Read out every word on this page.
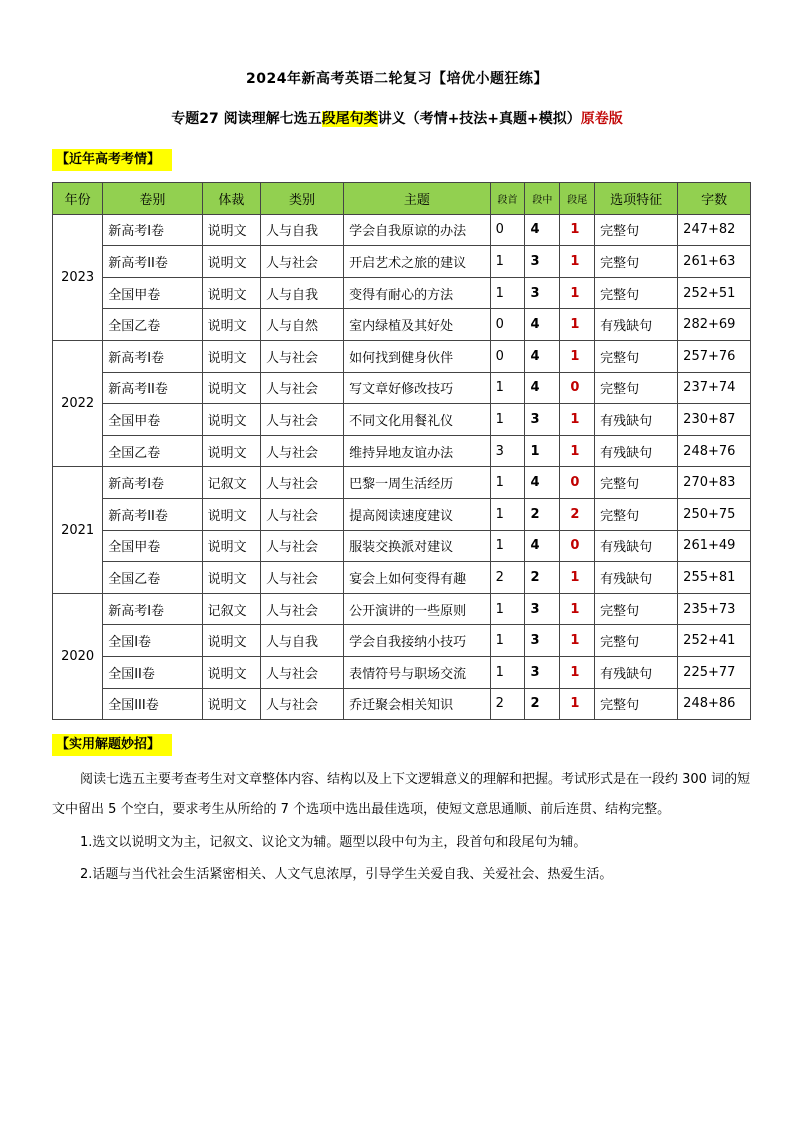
2024年新高考英语二轮复习【培优小题狂练】
专题27 阅读理解七选五段尾句类讲义（考情+技法+真题+模拟）原卷版
【近年高考考情】
年份	卷别	体裁	类别	主题	段首	段中	段尾	选项特征	字数
2023	新高考I卷	说明文	人与自我	学会自我原谅的办法	0	4	1	完整句	247+82
	新高考II卷	说明文	人与社会	开启艺术之旅的建议	1	3	1	完整句	261+63
	全国甲卷	说明文	人与自我	变得有耐心的方法	1	3	1	完整句	252+51
	全国乙卷	说明文	人与自然	室内绿植及其好处	0	4	1	有残缺句	282+69
2022	新高考I卷	说明文	人与社会	如何找到健身伙伴	0	4	1	完整句	257+76
	新高考II卷	说明文	人与社会	写文章好修改技巧	1	4	0	完整句	237+74
	全国甲卷	说明文	人与社会	不同文化用餐礼仪	1	3	1	有残缺句	230+87
	全国乙卷	说明文	人与社会	维持异地友谊办法	3	1	1	有残缺句	248+76
2021	新高考I卷	记叙文	人与社会	巴黎一周生活经历	1	4	0	完整句	270+83
	新高考II卷	说明文	人与社会	提高阅读速度建议	1	2	2	完整句	250+75
	全国甲卷	说明文	人与社会	服装交换派对建议	1	4	0	有残缺句	261+49
	全国乙卷	说明文	人与社会	宴会上如何变得有趣	2	2	1	有残缺句	255+81
2020	新高考I卷	记叙文	人与社会	公开演讲的一些原则	1	3	1	完整句	235+73
	全国I卷	说明文	人与自我	学会自我接纳小技巧	1	3	1	完整句	252+41
	全国II卷	说明文	人与社会	表情符号与职场交流	1	3	1	有残缺句	225+77
	全国III卷	说明文	人与社会	乔迁聚会相关知识	2	2	1	完整句	248+86
【实用解题妙招】
阅读七选五主要考查考生对文章整体内容、结构以及上下文逻辑意义的理解和把握。考试形式是在一段约 300 词的短文中留出 5 个空白，要求考生从所给的 7 个选项中选出最佳选项，使短文意思通顺、前后连贯、结构完整。
1.选文以说明文为主，记叙文、议论文为辅。题型以段中句为主，段首句和段尾句为辅。
2.话题与当代社会生活紧密相关、人文气息浓厚，引导学生关爱自我、关爱社会、热爱生活。
